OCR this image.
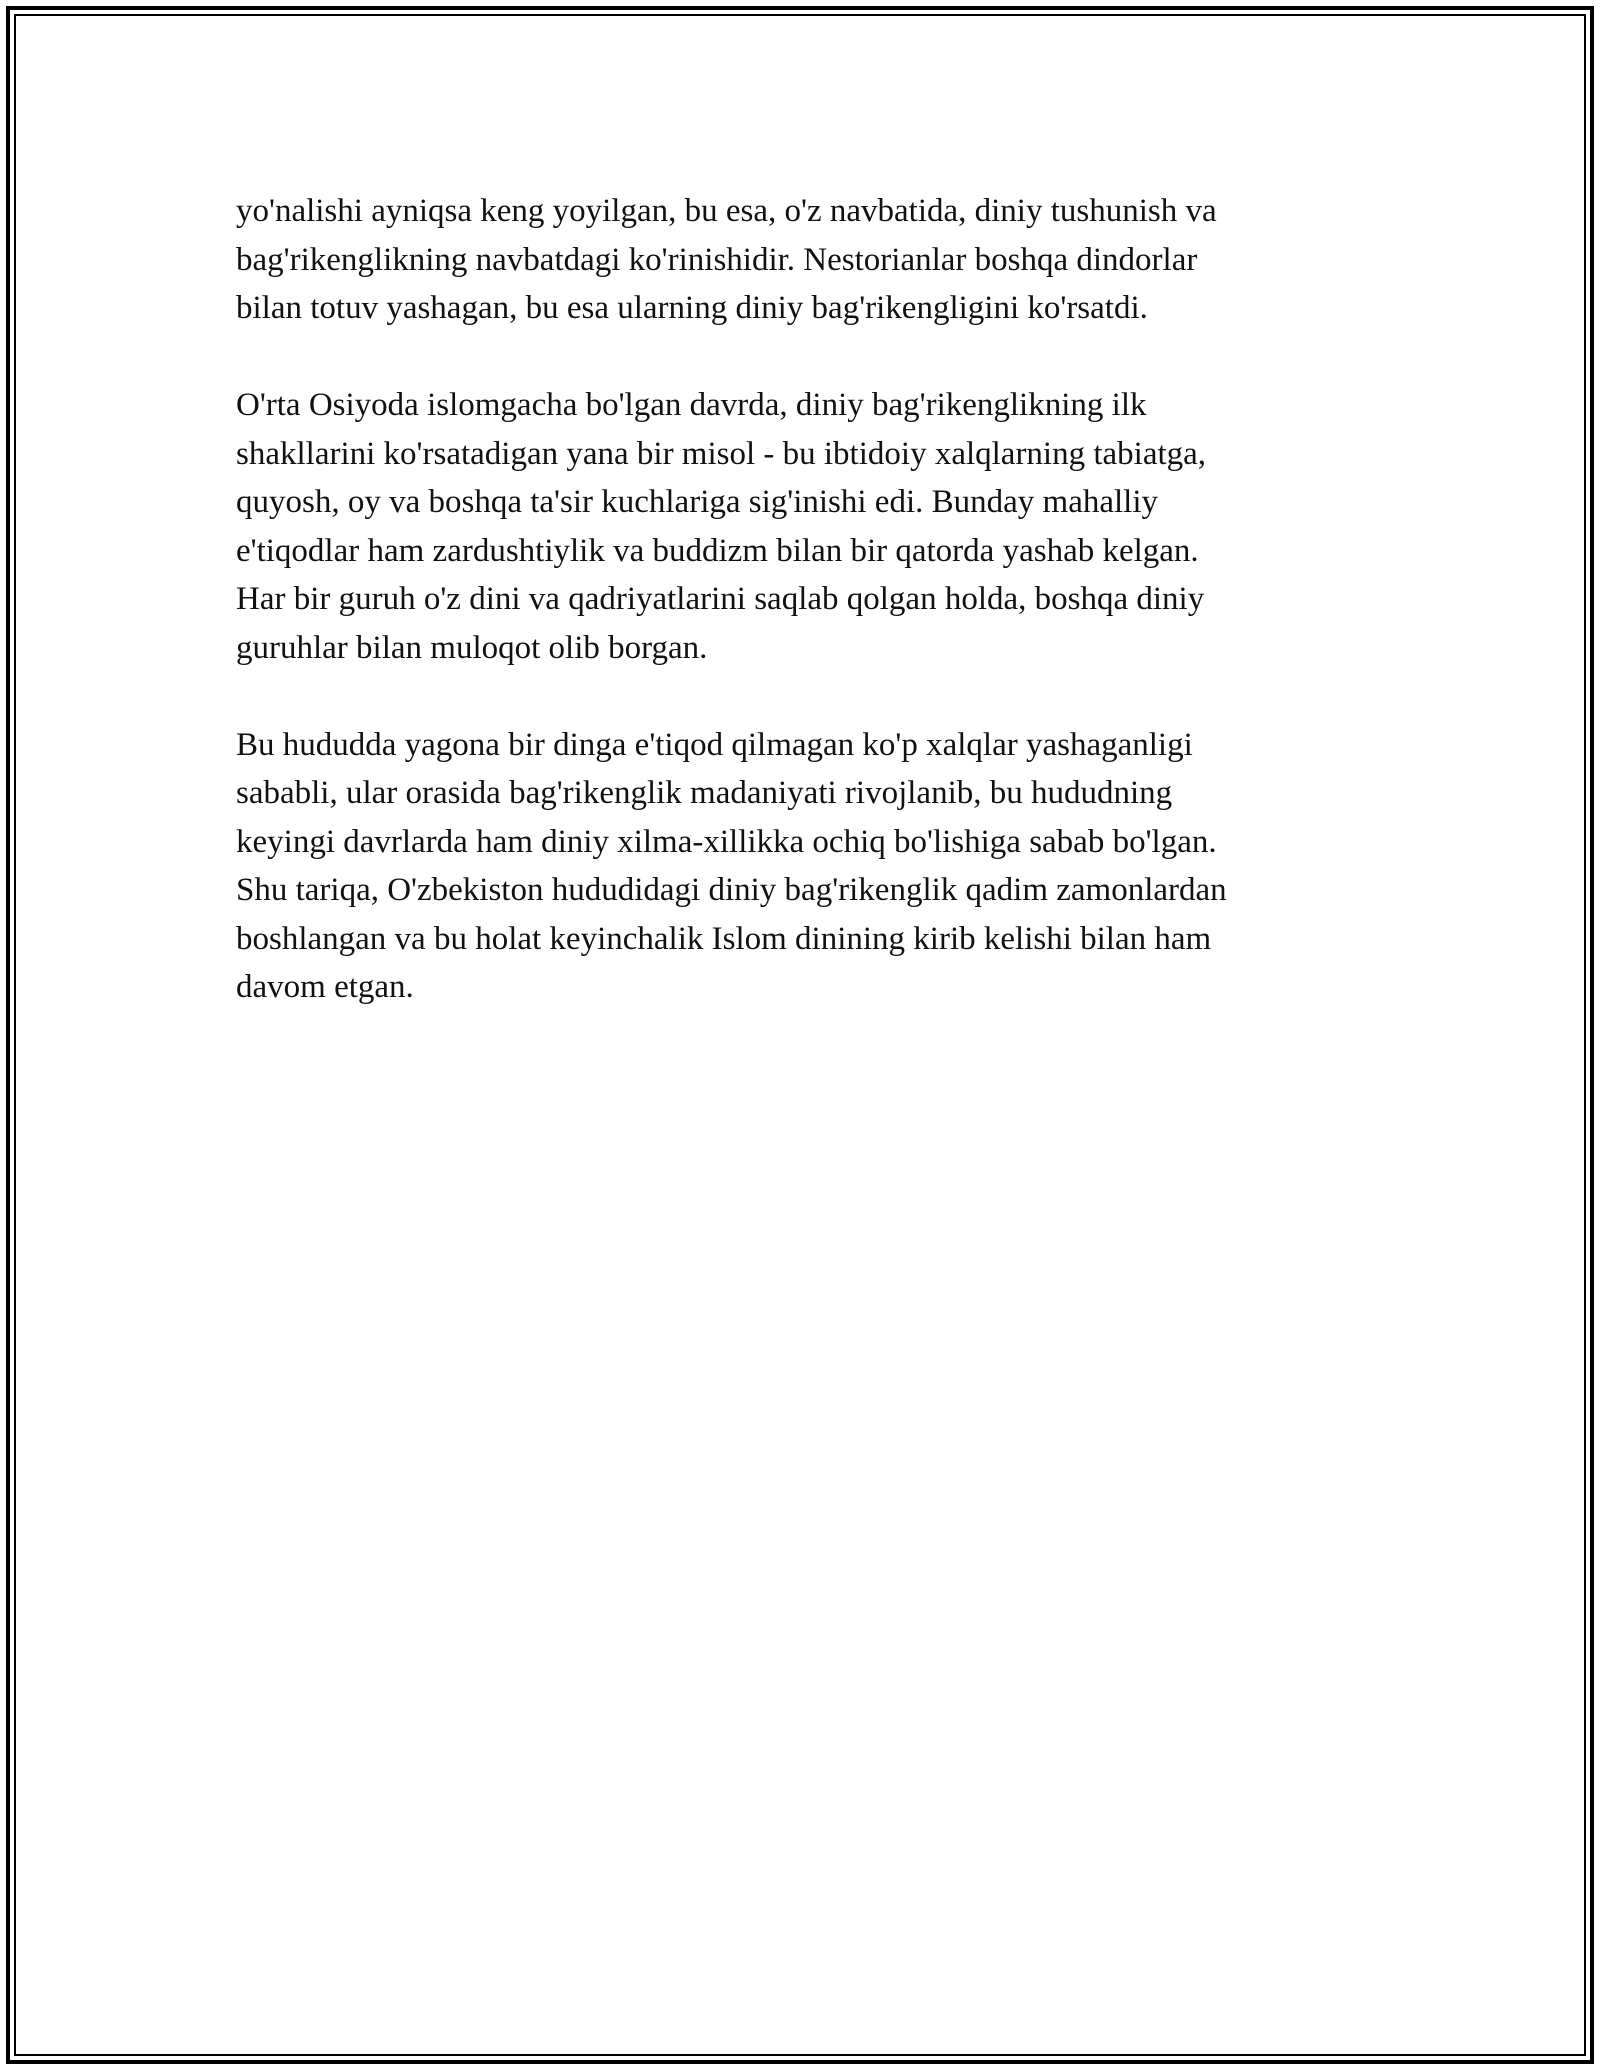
yo'nalishi ayniqsa keng yoyilgan, bu esa, o'z navbatida, diniy tushunish va
bag'rikenglikning navbatdagi ko'rinishidir. Nestorianlar boshqa dindorlar
bilan totuv yashagan, bu esa ularning diniy bag'rikengligini ko'rsatdi.

O'rta Osiyoda islomgacha bo'lgan davrda, diniy bag'rikenglikning ilk
shakllarini ko'rsatadigan yana bir misol - bu ibtidoiy xalqlarning tabiatga,
quyosh, oy va boshqa ta'sir kuchlariga sig'inishi edi. Bunday mahalliy
e'tiqodlar ham zardushtiylik va buddizm bilan bir qatorda yashab kelgan.
Har bir guruh o'z dini va qadriyatlarini saqlab qolgan holda, boshqa diniy
guruhlar bilan muloqot olib borgan.

Bu hududda yagona bir dinga e'tiqod qilmagan ko'p xalqlar yashaganligi
sababli, ular orasida bag'rikenglik madaniyati rivojlanib, bu hududning
keyingi davrlarda ham diniy xilma-xillikka ochiq bo'lishiga sabab bo'lgan.
Shu tariqa, O'zbekiston hududidagi diniy bag'rikenglik qadim zamonlardan
boshlangan va bu holat keyinchalik Islom dinining kirib kelishi bilan ham
davom etgan.
